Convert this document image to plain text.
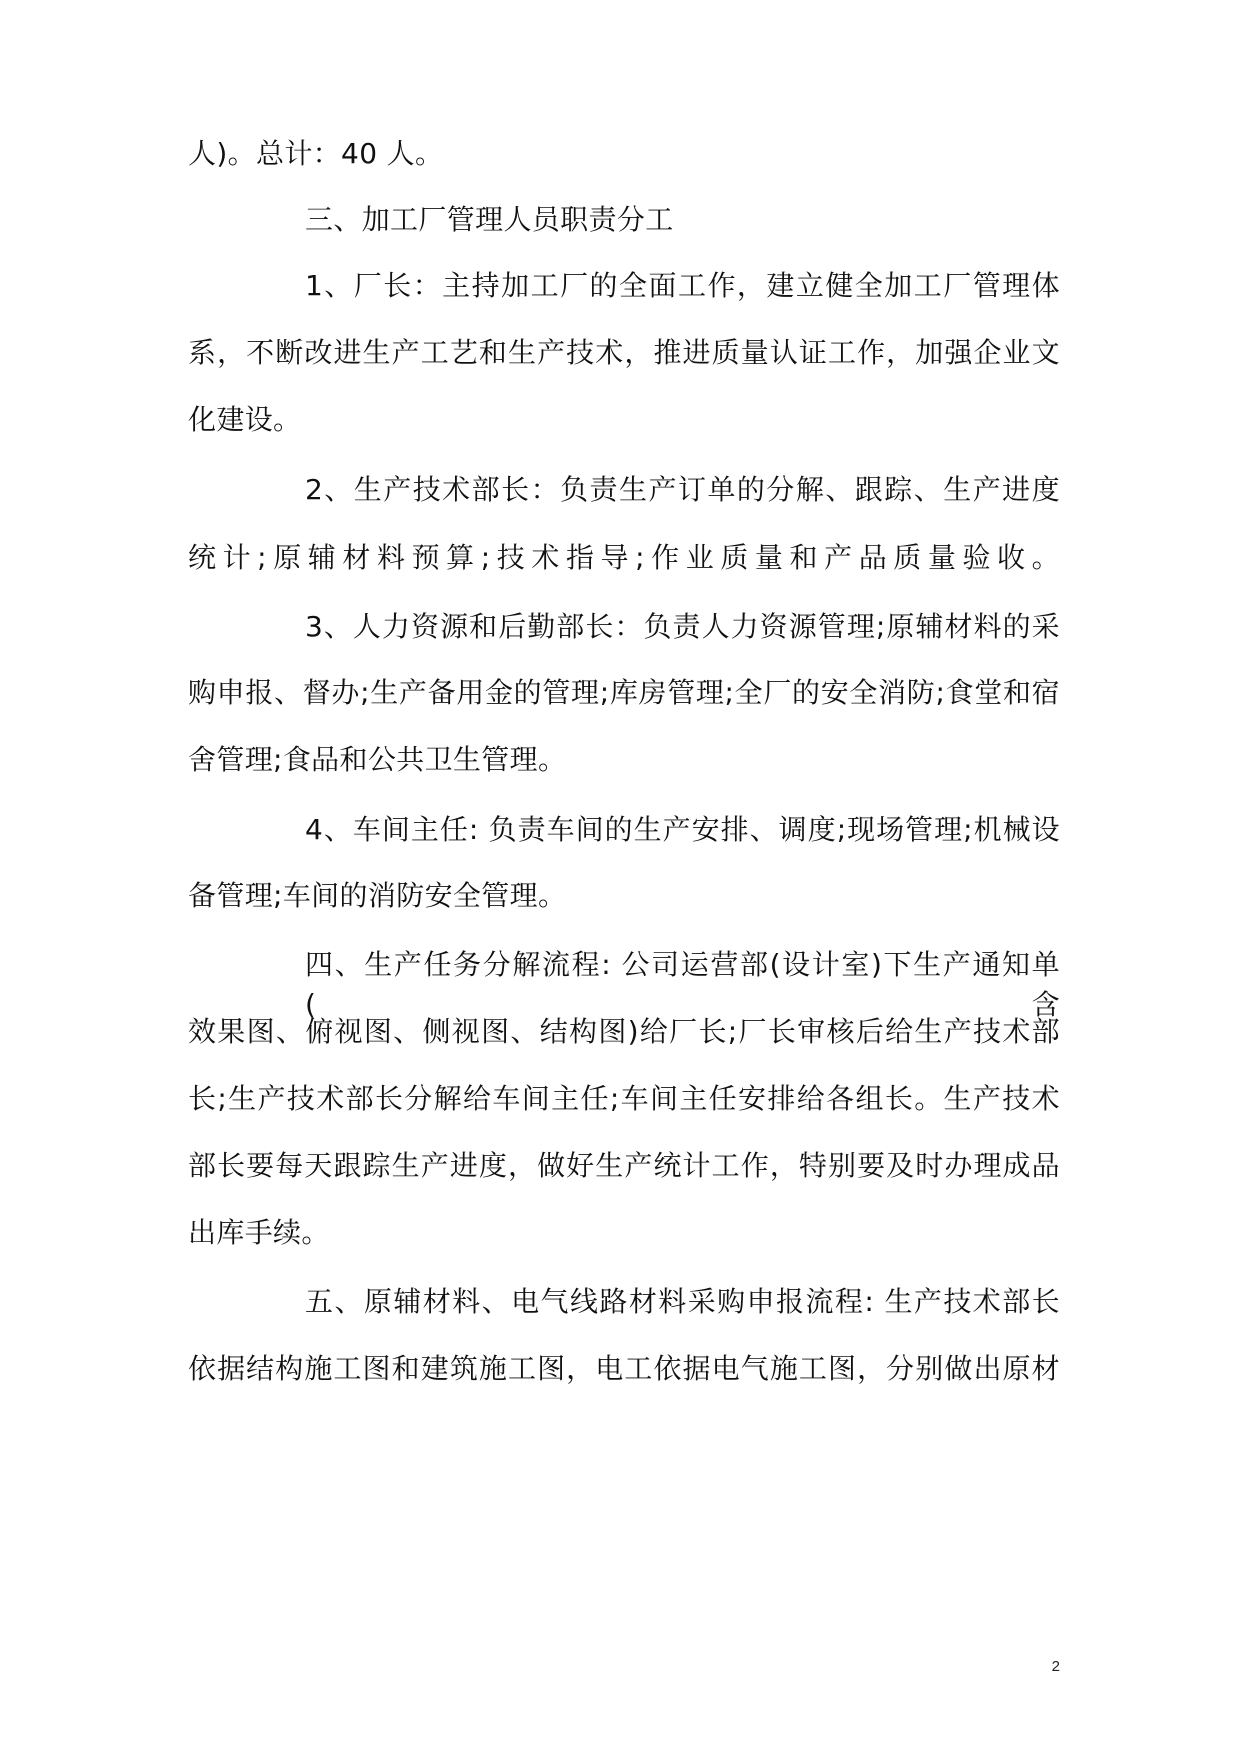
人)。总计：40 人。
三、加工厂管理人员职责分工
1、厂长：主持加工厂的全面工作，建立健全加工厂管理体
系，不断改进生产工艺和生产技术，推进质量认证工作，加强企业文
化建设。
2、生产技术部长：负责生产订单的分解、跟踪、生产进度
统计;原辅材料预算;技术指导;作业质量和产品质量验收。
3、人力资源和后勤部长：负责人力资源管理;原辅材料的采
购申报、督办;生产备用金的管理;库房管理;全厂的安全消防;食堂和宿
舍管理;食品和公共卫生管理。
4、车间主任: 负责车间的生产安排、调度;现场管理;机械设
备管理;车间的消防安全管理。
四、生产任务分解流程: 公司运营部(设计室)下生产通知单(含
效果图、俯视图、侧视图、结构图)给厂长;厂长审核后给生产技术部
长;生产技术部长分解给车间主任;车间主任安排给各组长。生产技术
部长要每天跟踪生产进度，做好生产统计工作，特别要及时办理成品
出库手续。
五、原辅材料、电气线路材料采购申报流程: 生产技术部长
依据结构施工图和建筑施工图，电工依据电气施工图，分别做出原材
2
